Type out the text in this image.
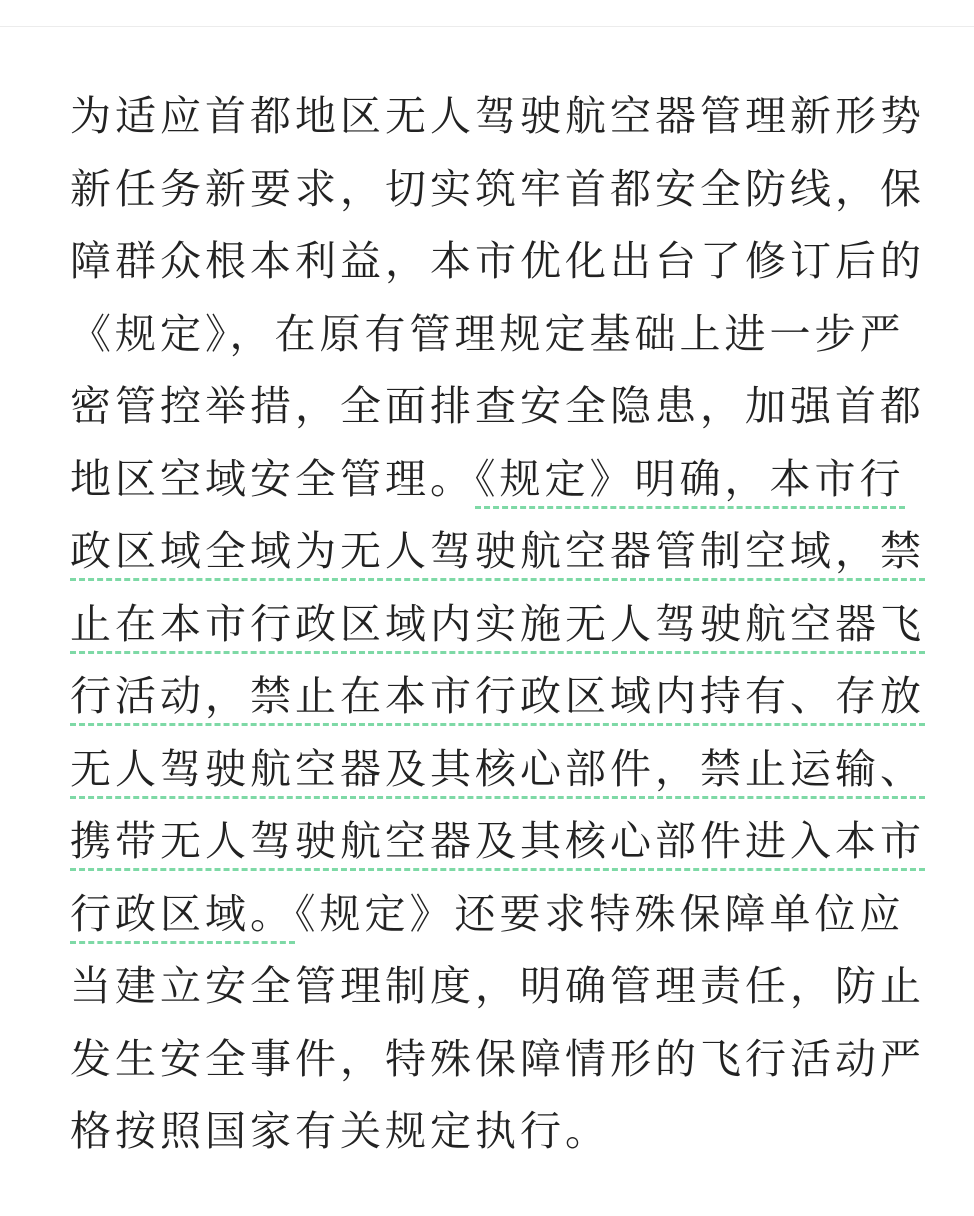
为适应首都地区无人驾驶航空器管理新形势
新任务新要求，切实筑牢首都安全防线，保
障群众根本利益，本市优化出台了修订后的
《规定》，在原有管理规定基础上进一步严
密管控举措，全面排查安全隐患，加强首都
地区空域安全管理。《规定》明确，本市行
政区域全域为无人驾驶航空器管制空域，禁
止在本市行政区域内实施无人驾驶航空器飞
行活动，禁止在本市行政区域内持有、存放
无人驾驶航空器及其核心部件，禁止运输、
携带无人驾驶航空器及其核心部件进入本市
行政区域。《规定》还要求特殊保障单位应
当建立安全管理制度，明确管理责任，防止
发生安全事件，特殊保障情形的飞行活动严
格按照国家有关规定执行。
